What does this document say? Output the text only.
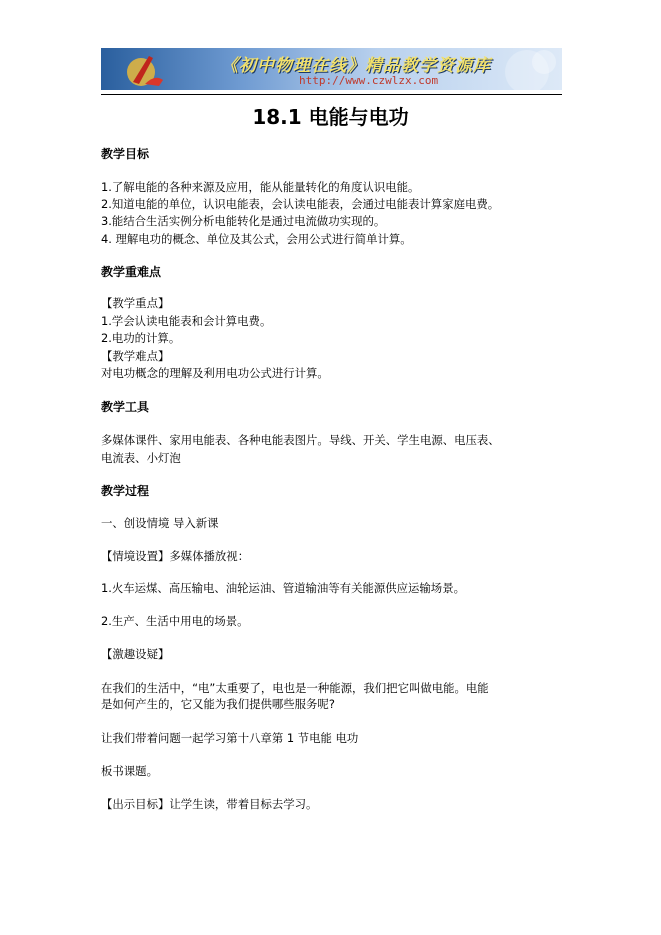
《初中物理在线》精品教学资源库
http://www.czwlzx.com
18.1 电能与电功
教学目标
1.了解电能的各种来源及应用，能从能量转化的角度认识电能。
2.知道电能的单位，认识电能表，会认读电能表，会通过电能表计算家庭电费。
3.能结合生活实例分析电能转化是通过电流做功实现的。
4. 理解电功的概念、单位及其公式，会用公式进行简单计算。
教学重难点
【教学重点】
1.学会认读电能表和会计算电费。
2.电功的计算。
【教学难点】
对电功概念的理解及利用电功公式进行计算。
教学工具
多媒体课件、家用电能表、各种电能表图片。导线、开关、学生电源、电压表、
电流表、小灯泡
教学过程
一、创设情境 导入新课
【情境设置】多媒体播放视：
1.火车运煤、高压输电、油轮运油、管道输油等有关能源供应运输场景。
2.生产、生活中用电的场景。
【激趣设疑】
在我们的生活中，“电”太重要了，电也是一种能源，我们把它叫做电能。电能
是如何产生的，它又能为我们提供哪些服务呢?
让我们带着问题一起学习第十八章第 1 节电能 电功
板书课题。
【出示目标】让学生读，带着目标去学习。
